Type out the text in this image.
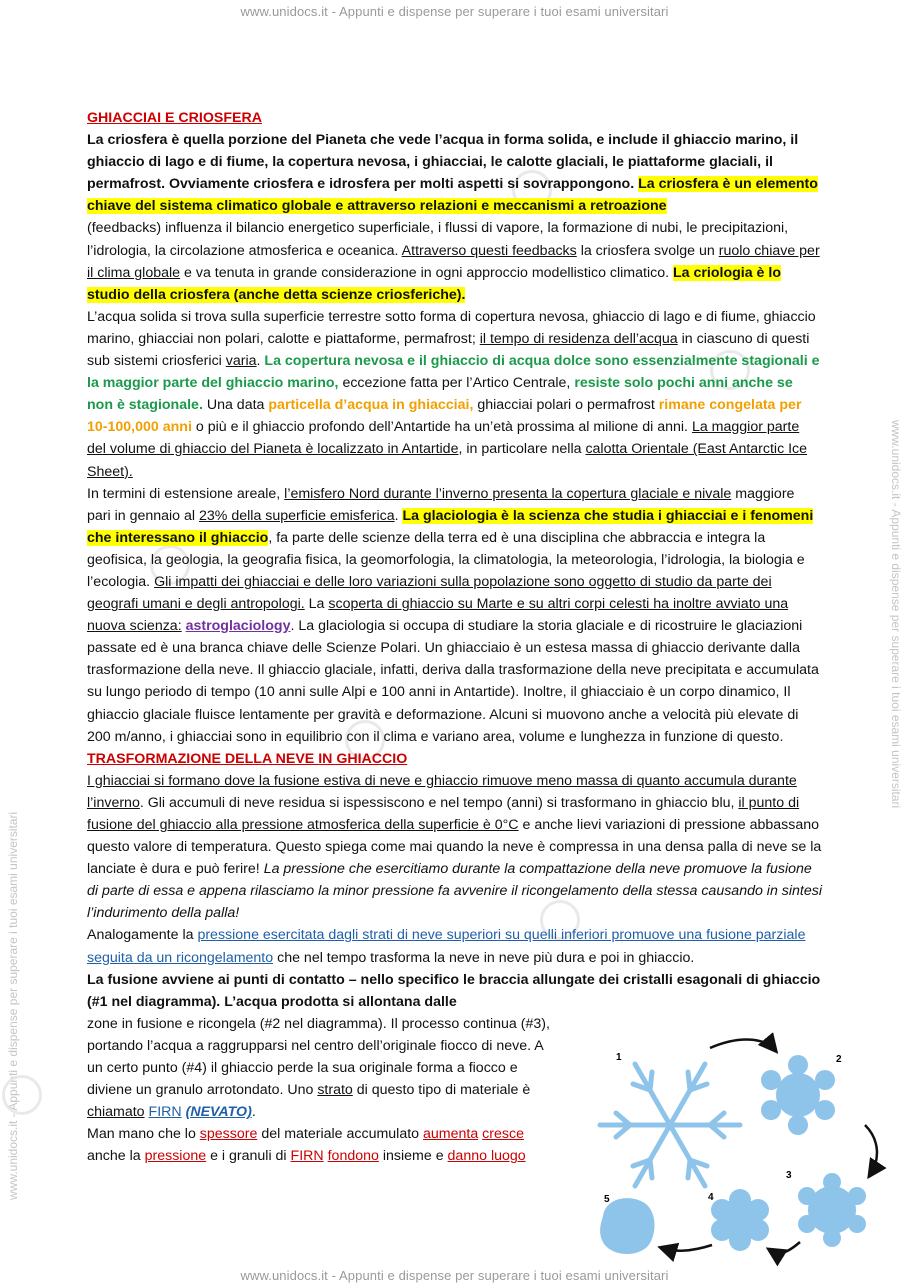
www.unidocs.it - Appunti e dispense per superare i tuoi esami universitari
www.unidocs.it - Appunti e dispense per superare i tuoi esami universitari
www.unidocs.it - Appunti e dispense per superare i tuoi esami universitari

GHIACCIAI E CRIOSFERA

La criosfera è quella porzione del Pianeta che vede l’acqua in forma solida, e include il ghiaccio marino, il ghiaccio di lago e di fiume, la copertura nevosa, i ghiacciai, le calotte glaciali, le piattaforme glaciali, il permafrost. Ovviamente criosfera e idrosfera per molti aspetti si sovrappongono. La criosfera è un elemento chiave del sistema climatico globale e attraverso relazioni e meccanismi a retroazione

(feedbacks) influenza il bilancio energetico superficiale, i flussi di vapore, la formazione di nubi, le precipitazioni, l’idrologia, la circolazione atmosferica e oceanica. Attraverso questi feedbacks la criosfera svolge un ruolo chiave per il clima globale e va tenuta in grande considerazione in ogni approccio modellistico climatico. La criologia è lo studio della criosfera (anche detta scienze criosferiche).

L’acqua solida si trova sulla superficie terrestre sotto forma di copertura nevosa, ghiaccio di lago e di fiume, ghiaccio marino, ghiacciai non polari, calotte e piattaforme, permafrost; il tempo di residenza dell’acqua in ciascuno di questi sub sistemi criosferici varia. La copertura nevosa e il ghiaccio di acqua dolce sono essenzialmente stagionali e la maggior parte del ghiaccio marino, eccezione fatta per l’Artico Centrale, resiste solo pochi anni anche se non è stagionale. Una data particella d’acqua in ghiacciai, ghiacciai polari o permafrost rimane congelata per 10-100,000 anni o più e il ghiaccio profondo dell’Antartide ha un’età prossima al milione di anni. La maggior parte del volume di ghiaccio del Pianeta è localizzato in Antartide, in particolare nella calotta Orientale (East Antarctic Ice Sheet).

In termini di estensione areale, l’emisfero Nord durante l’inverno presenta la copertura glaciale e nivale maggiore pari in gennaio al 23% della superficie emisferica. La glaciologia è la scienza che studia i ghiacciai e i fenomeni che interessano il ghiaccio, fa parte delle scienze della terra ed è una disciplina che abbraccia e integra la geofisica, la geologia, la geografia fisica, la geomorfologia, la climatologia, la meteorologia, l’idrologia, la biologia e l’ecologia. Gli impatti dei ghiacciai e delle loro variazioni sulla popolazione sono oggetto di studio da parte dei geografi umani e degli antropologi. La scoperta di ghiaccio su Marte e su altri corpi celesti ha inoltre avviato una nuova scienza: astroglaciology. La glaciologia si occupa di studiare la storia glaciale e di ricostruire le glaciazioni passate ed è una branca chiave delle Scienze Polari. Un ghiacciaio è un estesa massa di ghiaccio derivante dalla trasformazione della neve. Il ghiaccio glaciale, infatti, deriva dalla trasformazione della neve precipitata e accumulata su lungo periodo di tempo (10 anni sulle Alpi e 100 anni in Antartide). Inoltre, il ghiacciaio è un corpo dinamico, Il ghiaccio glaciale fluisce lentamente per gravità e deformazione. Alcuni si muovono anche a velocità più elevate di 200 m/anno, i ghiacciai sono in equilibrio con il clima e variano area, volume e lunghezza in funzione di questo.

TRASFORMAZIONE DELLA NEVE IN GHIACCIO

I ghiacciai si formano dove la fusione estiva di neve e ghiaccio rimuove meno massa di quanto accumula durante l’inverno. Gli accumuli di neve residua si ispessiscono e nel tempo (anni) si trasformano in ghiaccio blu, il punto di fusione del ghiaccio alla pressione atmosferica della superficie è 0°C e anche lievi variazioni di pressione abbassano questo valore di temperatura. Questo spiega come mai quando la neve è compressa in una densa palla di neve se la lanciate è dura e può ferire! La pressione che esercitiamo durante la compattazione della neve promuove la fusione di parte di essa e appena rilasciamo la minor pressione fa avvenire il ricongelamento della stessa causando in sintesi l’indurimento della palla!

Analogamente la pressione esercitata dagli strati di neve superiori su quelli inferiori promuove una fusione parziale seguita da un ricongelamento che nel tempo trasforma la neve in neve più dura e poi in ghiaccio.

La fusione avviene ai punti di contatto – nello specifico le braccia allungate dei cristalli esagonali di ghiaccio (#1 nel diagramma). L’acqua prodotta si allontana dalle

zone in fusione e ricongela (#2 nel diagramma). Il processo continua (#3), portando l’acqua a raggrupparsi nel centro dell’originale fiocco di neve. A un certo punto (#4) il ghiaccio perde la sua originale forma a fiocco e diviene un granulo arrotondato. Uno strato di questo tipo di materiale è chiamato FIRN (NEVATO).

Man mano che lo spessore del materiale accumulato aumenta cresce anche la pressione e i granuli di FIRN fondono insieme e danno luogo

1	2
3
4
5
www.unidocs.it - Appunti e dispense per superare i tuoi esami universitari
